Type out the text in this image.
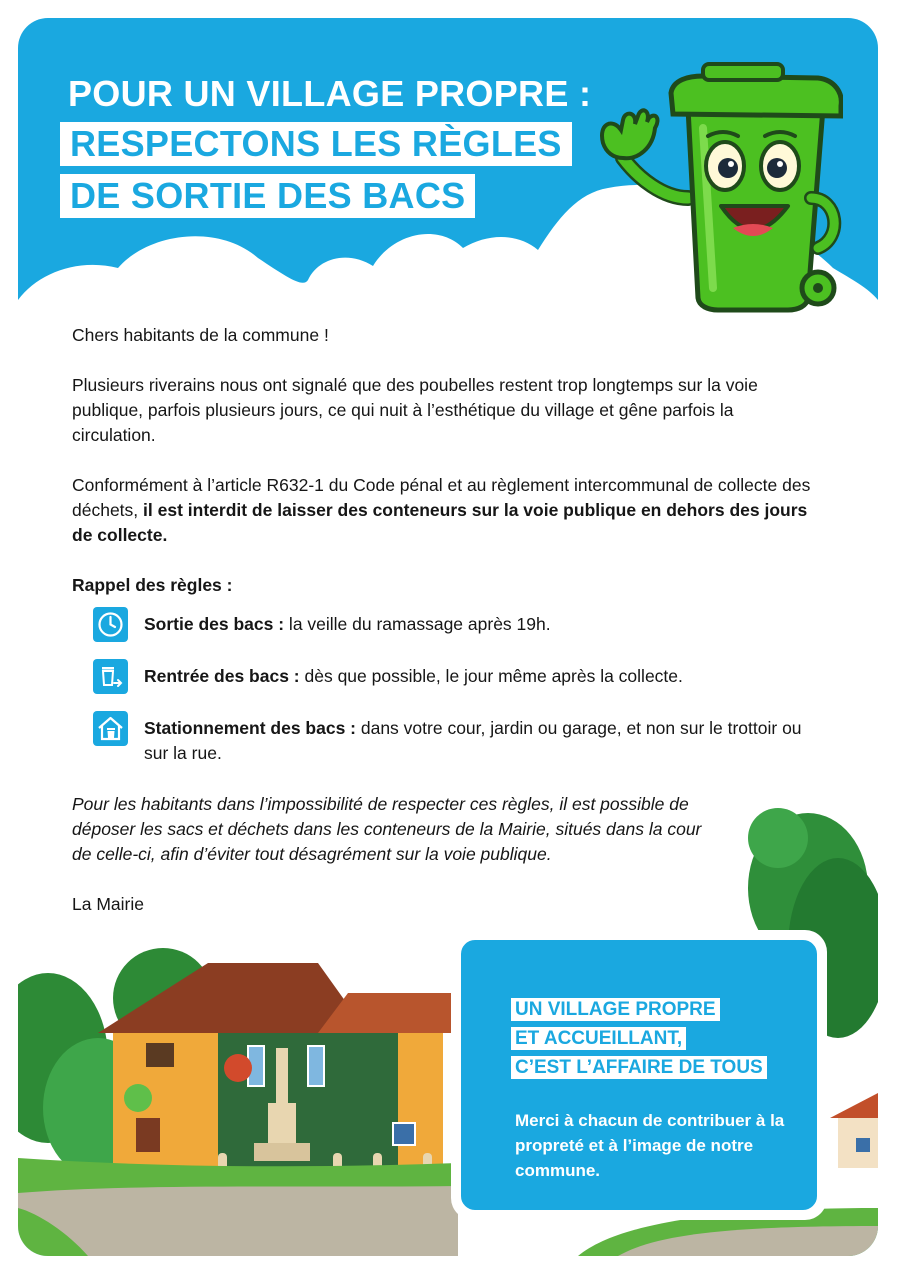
POUR UN VILLAGE PROPRE :
RESPECTONS LES RÈGLES
DE SORTIE DES BACS

Chers habitants de la commune !

Plusieurs riverains nous ont signalé que des poubelles restent trop longtemps sur la voie publique, parfois plusieurs jours, ce qui nuit à l’esthétique du village et gêne parfois la circulation.

Conformément à l’article R632-1 du Code pénal et au règlement intercommunal de collecte des déchets, il est interdit de laisser des conteneurs sur la voie publique en dehors des jours de collecte.

Rappel des règles :

Sortie des bacs : la veille du ramassage après 19h.
Rentrée des bacs : dès que possible, le jour même après la collecte.
Stationnement des bacs : dans votre cour, jardin ou garage, et non sur le trottoir ou sur la rue.

Pour les habitants dans l’impossibilité de respecter ces règles, il est possible de déposer les sacs et déchets dans les conteneurs de la Mairie, situés dans la cour de celle-ci, afin d’éviter tout désagrément sur la voie publique.

La Mairie

UN VILLAGE PROPRE
ET ACCUEILLANT,
C’EST L’AFFAIRE DE TOUS

Merci à chacun de contribuer à la propreté et à l’image de notre commune.
